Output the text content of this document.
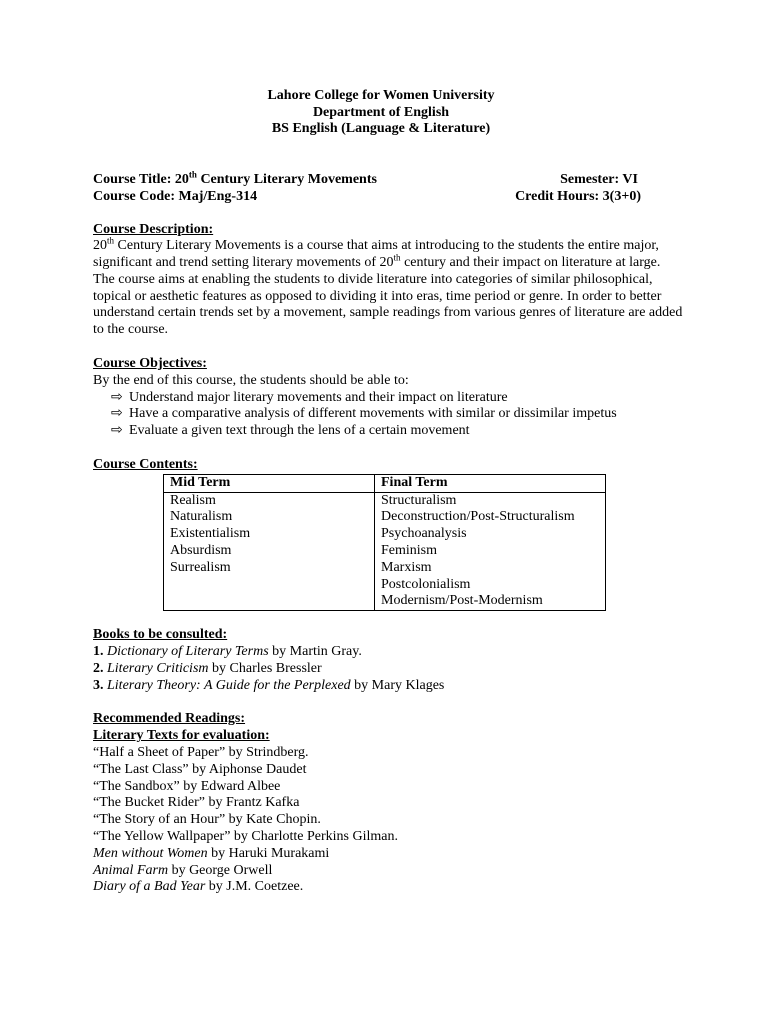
Lahore College for Women University
Department of English
BS English (Language & Literature)
Course Title: 20th Century Literary Movements	Semester: VI
Course Code: Maj/Eng-314	Credit Hours: 3(3+0)
Course Description:
20th Century Literary Movements is a course that aims at introducing to the students the entire major, significant and trend setting literary movements of 20th century and their impact on literature at large. The course aims at enabling the students to divide literature into categories of similar philosophical, topical or aesthetic features as opposed to dividing it into eras, time period or genre. In order to better understand certain trends set by a movement, sample readings from various genres of literature are added to the course.
Course Objectives:
By the end of this course, the students should be able to:
⇨ Understand major literary movements and their impact on literature
⇨ Have a comparative analysis of different movements with similar or dissimilar impetus
⇨ Evaluate a given text through the lens of a certain movement
Course Contents:
Mid Term	Final Term
Realism	Structuralism
Naturalism	Deconstruction/Post-Structuralism
Existentialism	Psychoanalysis
Absurdism	Feminism
Surrealism	Marxism
	Postcolonialism
	Modernism/Post-Modernism
Books to be consulted:
1. Dictionary of Literary Terms by Martin Gray.
2. Literary Criticism by Charles Bressler
3. Literary Theory: A Guide for the Perplexed by Mary Klages
Recommended Readings:
Literary Texts for evaluation:
“Half a Sheet of Paper” by Strindberg.
“The Last Class” by Aiphonse Daudet
“The Sandbox” by Edward Albee
“The Bucket Rider” by Frantz Kafka
“The Story of an Hour” by Kate Chopin.
“The Yellow Wallpaper” by Charlotte Perkins Gilman.
Men without Women by Haruki Murakami
Animal Farm by George Orwell
Diary of a Bad Year by J.M. Coetzee.
